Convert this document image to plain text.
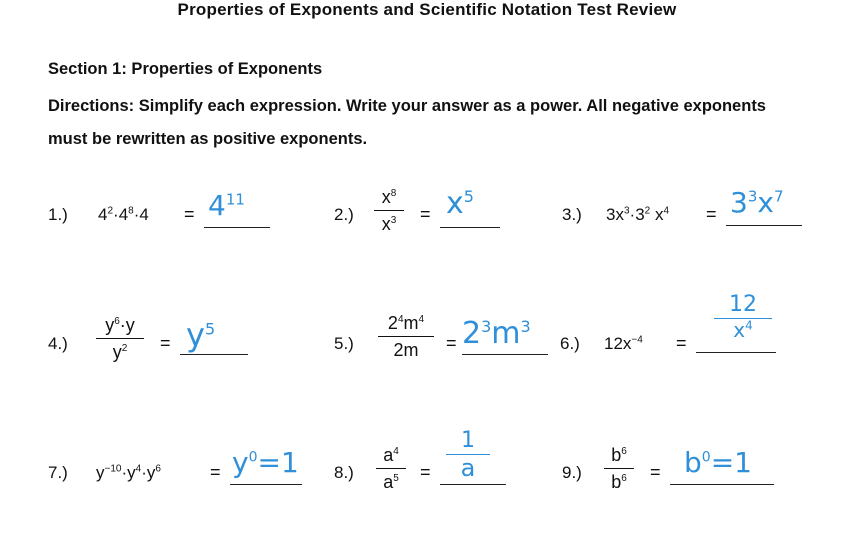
Properties of Exponents and Scientific Notation Test Review
Section 1: Properties of Exponents
Directions: Simplify each expression. Write your answer as a power. All negative exponents must be rewritten as positive exponents.
1.) $4^2\cdot 4^8\cdot 4 = 4^{11}$
2.)
$x^8$
$x^3$	= $x^5$
3.) $3x^3\cdot 3^2$ $x^4 = 3^3x^7$
4.)
$y^6\cdot y$
$y^2$	= $y^5$
5.)
$2^4m^4$
2m	= $2^3m^3$
6.) $12x^{-4}$ =
12
$x^4$
7.) $y^{-10}\cdot y^4\cdot y^6$	= $y^0=1$ 8.)
$a^4$
$a^5$	=
1
a	9.)
$b^6$
$b^6$	= $b^0=1$
